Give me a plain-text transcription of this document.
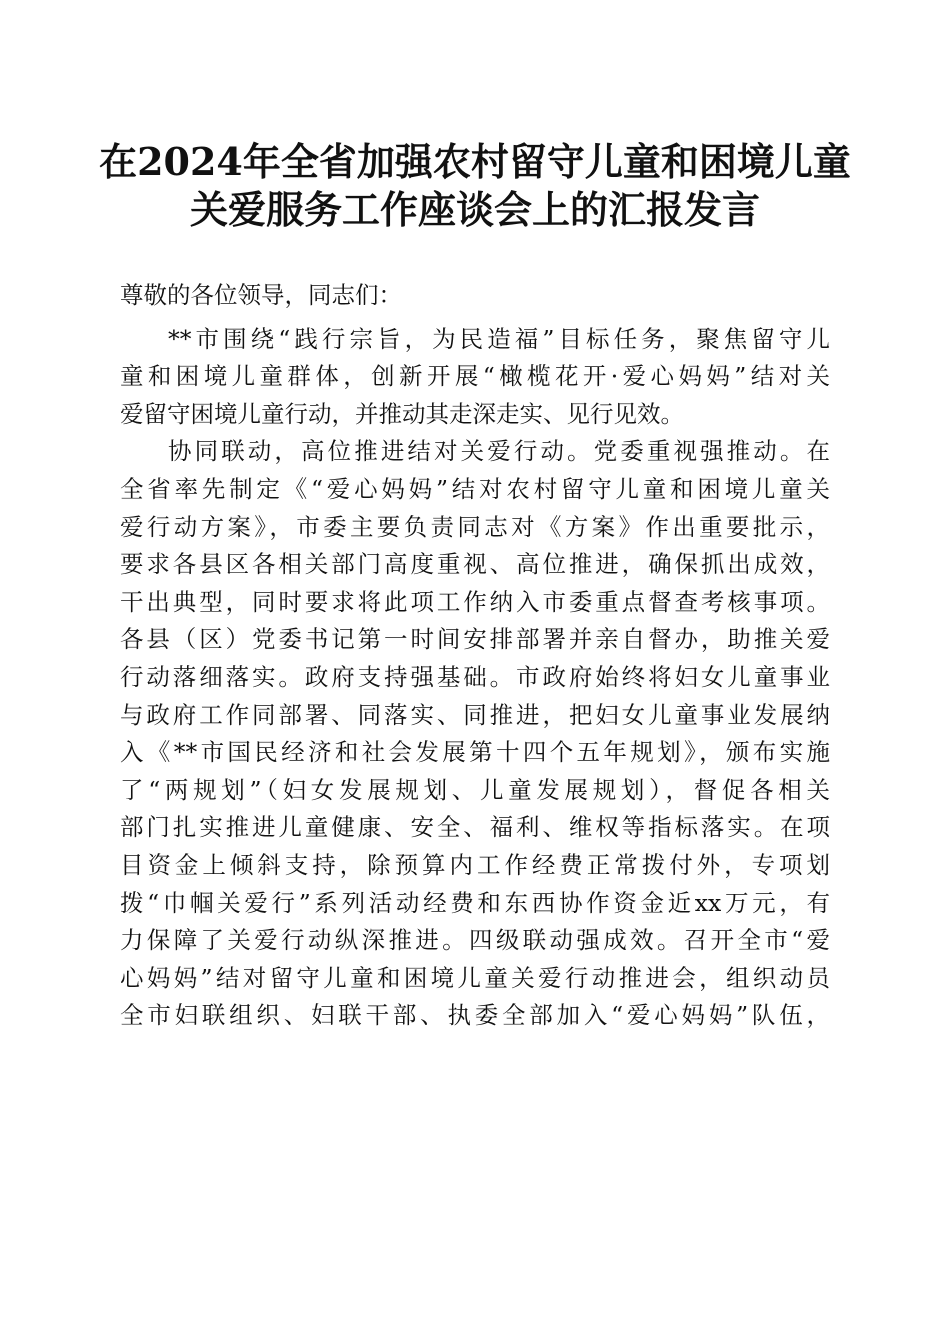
在2024年全省加强农村留守儿童和困境儿童
关爱服务工作座谈会上的汇报发言
尊敬的各位领导，同志们：
**市围绕“践行宗旨，为民造福”目标任务，聚焦留守儿
童和困境儿童群体，创新开展“橄榄花开·爱心妈妈”结对关
爱留守困境儿童行动，并推动其走深走实、见行见效。
协同联动，高位推进结对关爱行动。党委重视强推动。在
全省率先制定《“爱心妈妈”结对农村留守儿童和困境儿童关
爱行动方案》，市委主要负责同志对《方案》作出重要批示，
要求各县区各相关部门高度重视、高位推进，确保抓出成效，
干出典型，同时要求将此项工作纳入市委重点督查考核事项。
各县（区）党委书记第一时间安排部署并亲自督办，助推关爱
行动落细落实。政府支持强基础。市政府始终将妇女儿童事业
与政府工作同部署、同落实、同推进，把妇女儿童事业发展纳
入《**市国民经济和社会发展第十四个五年规划》，颁布实施
了“两规划”（妇女发展规划、儿童发展规划），督促各相关
部门扎实推进儿童健康、安全、福利、维权等指标落实。在项
目资金上倾斜支持，除预算内工作经费正常拨付外，专项划
拨“巾帼关爱行”系列活动经费和东西协作资金近xx万元，有
力保障了关爱行动纵深推进。四级联动强成效。召开全市“爱
心妈妈”结对留守儿童和困境儿童关爱行动推进会，组织动员
全市妇联组织、妇联干部、执委全部加入“爱心妈妈”队伍，
